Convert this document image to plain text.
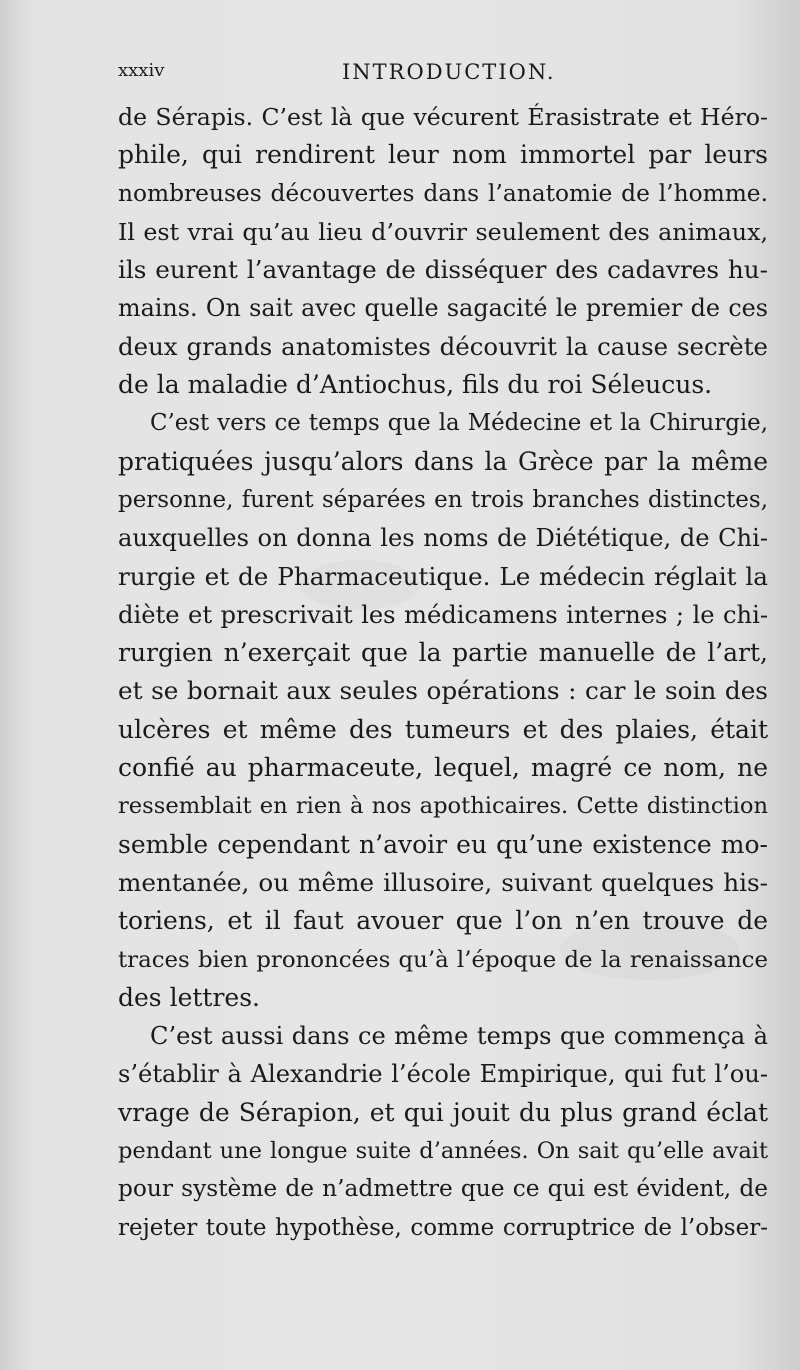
xxxiv	INTRODUCTION.
de Sérapis. C’est là que vécurent Érasistrate et Héro-
phile, qui rendirent leur nom immortel par leurs
nombreuses découvertes dans l’anatomie de l’homme.
Il est vrai qu’au lieu d’ouvrir seulement des animaux,
ils eurent l’avantage de disséquer des cadavres hu-
mains. On sait avec quelle sagacité le premier de ces
deux grands anatomistes découvrit la cause secrète
de la maladie d’Antiochus, fils du roi Séleucus.
C’est vers ce temps que la Médecine et la Chirurgie,
pratiquées jusqu’alors dans la Grèce par la même
personne, furent séparées en trois branches distinctes,
auxquelles on donna les noms de Diététique, de Chi-
rurgie et de Pharmaceutique. Le médecin réglait la
diète et prescrivait les médicamens internes ; le chi-
rurgien n’exerçait que la partie manuelle de l’art,
et se bornait aux seules opérations : car le soin des
ulcères et même des tumeurs et des plaies, était
confié au pharmaceute, lequel, magré ce nom, ne
ressemblait en rien à nos apothicaires. Cette distinction
semble cependant n’avoir eu qu’une existence mo-
mentanée, ou même illusoire, suivant quelques his-
toriens, et il faut avouer que l’on n’en trouve de
traces bien prononcées qu’à l’époque de la renaissance
des lettres.
C’est aussi dans ce même temps que commença à
s’établir à Alexandrie l’école Empirique, qui fut l’ou-
vrage de Sérapion, et qui jouit du plus grand éclat
pendant une longue suite d’années. On sait qu’elle avait
pour système de n’admettre que ce qui est évident, de
rejeter toute hypothèse, comme corruptrice de l’obser-
